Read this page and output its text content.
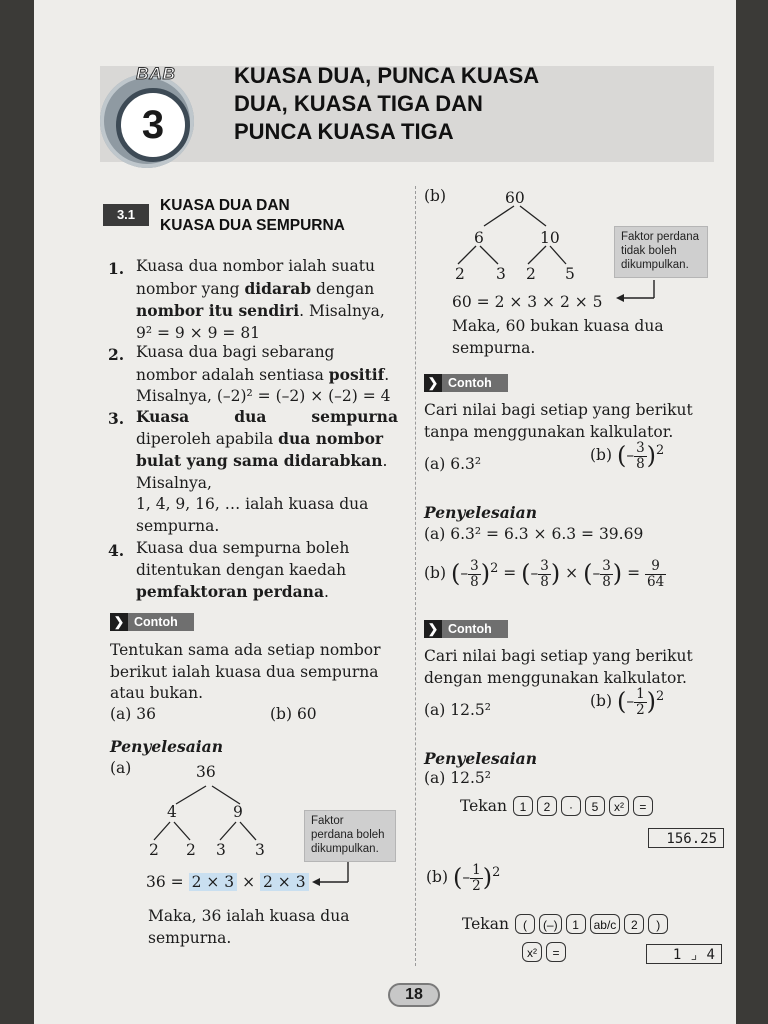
3
BAB	KUASA DUA, PUNCA KUASA
DUA, KUASA TIGA DAN
PUNCA KUASA TIGA
3.1
KUASA DUA DAN
KUASA DUA SEMPURNA
1. Kuasa dua nombor ialah suatu
nombor yang didarab dengan
nombor itu sendiri. Misalnya,
9² = 9 × 9 = 81
2. Kuasa dua bagi sebarang
nombor adalah sentiasa positif.
Misalnya, (–2)² = (–2) × (–2) = 4
3. Kuasa	dua	sempurna
diperoleh apabila dua nombor
bulat yang sama didarabkan.
Misalnya,
1, 4, 9, 16, … ialah kuasa dua
sempurna.
4. Kuasa dua sempurna boleh
ditentukan dengan kaedah
pemfaktoran perdana.
❯ Contoh
Tentukan sama ada setiap nombor
berikut ialah kuasa dua sempurna
atau bukan.
(a) 36	(b) 60
Penyelesaian
(a)	36
4	9
2 2 3 3
Faktor
perdana boleh
dikumpulkan.
36 = 2 × 3 × 2 × 3
Maka, 36 ialah kuasa dua
sempurna.
(b)	60
6	10
2 3 2 5
Faktor perdana
tidak boleh
dikumpulkan.
60 = 2 × 3 × 2 × 5
Maka, 60 bukan kuasa dua
sempurna.
❯ Contoh
Cari nilai bagi setiap yang berikut
tanpa menggunakan kalkulator.
(a) 6.3²	(b) (– $\frac{3}{8} )^2$
Penyelesaian
(a) 6.3² = 6.3 × 6.3 = 39.69
(b) (– $\frac{3}{8} )^2$ = (– $\frac{3}{8}$ ) × (– $\frac{3}{8}$ ) = $\frac{9}{64}$
❯ Contoh
Cari nilai bagi setiap yang berikut
dengan menggunakan kalkulator.
(a) 12.5²	(b) (– $\frac{1}{2} )^2$
Penyelesaian
(a) 12.5²
Tekan 1 2 · 5 x² =
156.25
(b) (– $\frac{1}{2} )^2$
Tekan ( (–) 1 ab/c 2 )
x² =	1 ⌟ 4
18
